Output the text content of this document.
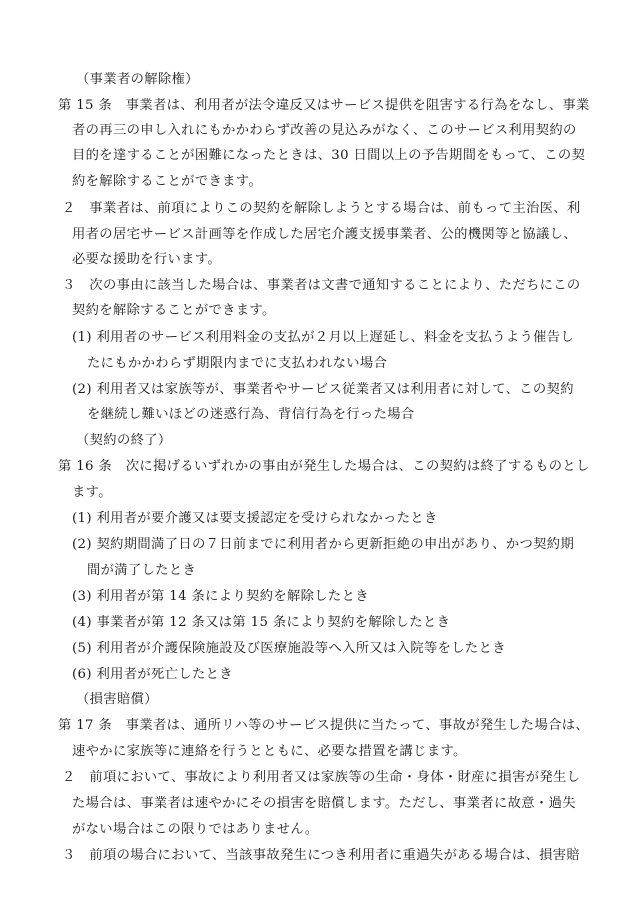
（事業者の解除権）
第 15 条　事業者は、利用者が法令違反又はサービス提供を阻害する行為をなし、事業
者の再三の申し入れにもかかわらず改善の見込みがなく、このサービス利用契約の
目的を達することが困難になったときは、30 日間以上の予告期間をもって、この契
約を解除することができます。
２　事業者は、前項によりこの契約を解除しようとする場合は、前もって主治医、利
用者の居宅サービス計画等を作成した居宅介護支援事業者、公的機関等と協議し、
必要な援助を行います。
３　次の事由に該当した場合は、事業者は文書で通知することにより、ただちにこの
契約を解除することができます。
(1) 利用者のサービス利用料金の支払が２月以上遅延し、料金を支払うよう催告し
たにもかかわらず期限内までに支払われない場合
(2) 利用者又は家族等が、事業者やサービス従業者又は利用者に対して、この契約
を継続し難いほどの迷惑行為、背信行為を行った場合
（契約の終了）
第 16 条　次に掲げるいずれかの事由が発生した場合は、この契約は終了するものとし
ます。
(1) 利用者が要介護又は要支援認定を受けられなかったとき
(2) 契約期間満了日の７日前までに利用者から更新拒絶の申出があり、かつ契約期
間が満了したとき
(3) 利用者が第 14 条により契約を解除したとき
(4) 事業者が第 12 条又は第 15 条により契約を解除したとき
(5) 利用者が介護保険施設及び医療施設等へ入所又は入院等をしたとき
(6) 利用者が死亡したとき
（損害賠償）
第 17 条　事業者は、通所リハ等のサービス提供に当たって、事故が発生した場合は、
速やかに家族等に連絡を行うとともに、必要な措置を講じます。
２　前項において、事故により利用者又は家族等の生命・身体・財産に損害が発生し
た場合は、事業者は速やかにその損害を賠償します。ただし、事業者に故意・過失
がない場合はこの限りではありません。
３　前項の場合において、当該事故発生につき利用者に重過失がある場合は、損害賠
